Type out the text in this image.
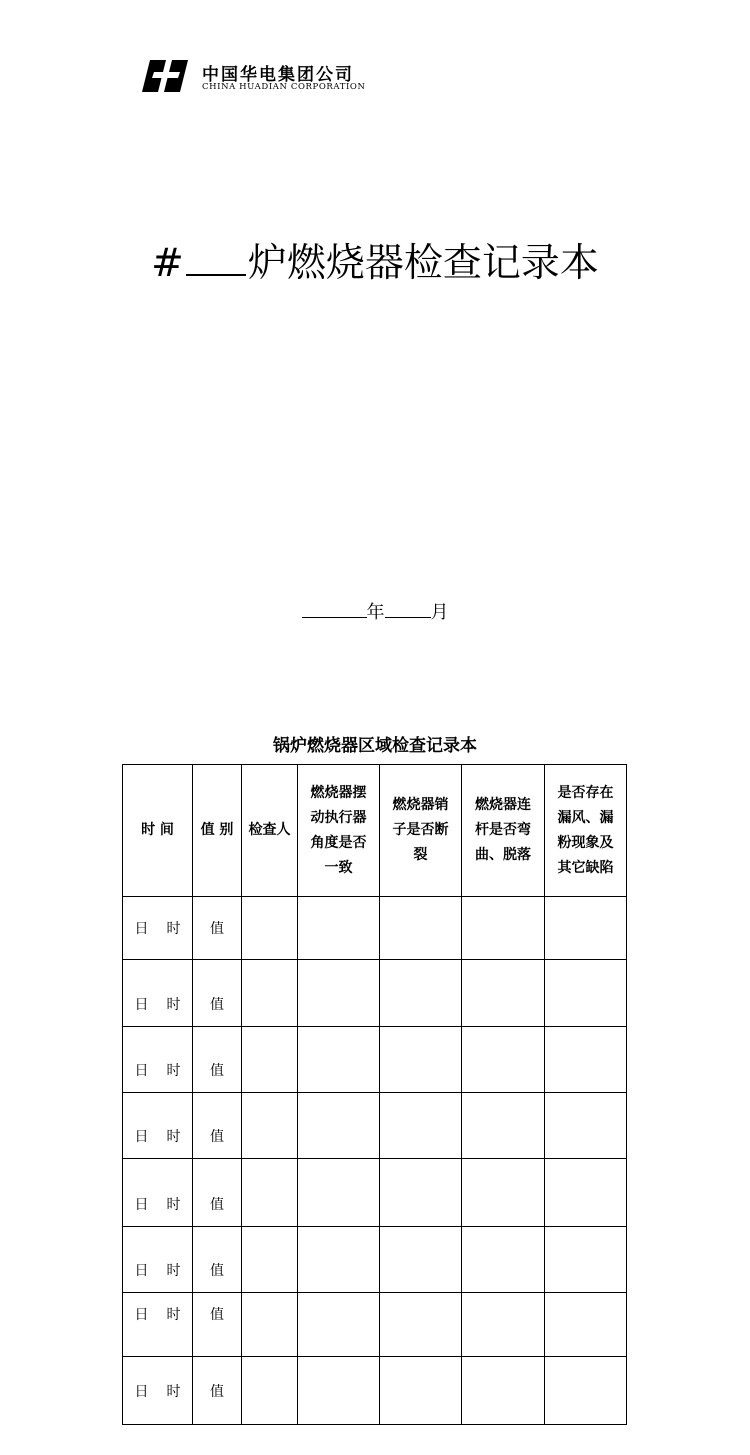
中国华电集团公司
CHINA HUADIAN CORPORATION
# 炉燃烧器检查记录本
年	月
锅炉燃烧器区域检查记录本
时 间	值 别	检查人	燃烧器摆动执行器角度是否一致	燃烧器销子是否断裂	燃烧器连杆是否弯曲、脱落	是否存在漏风、漏粉现象及其它缺陷
日 时	值					
日 时	值					
日 时	值					
日 时	值					
日 时	值					
日 时	值					
日 时	值					
日 时	值					
